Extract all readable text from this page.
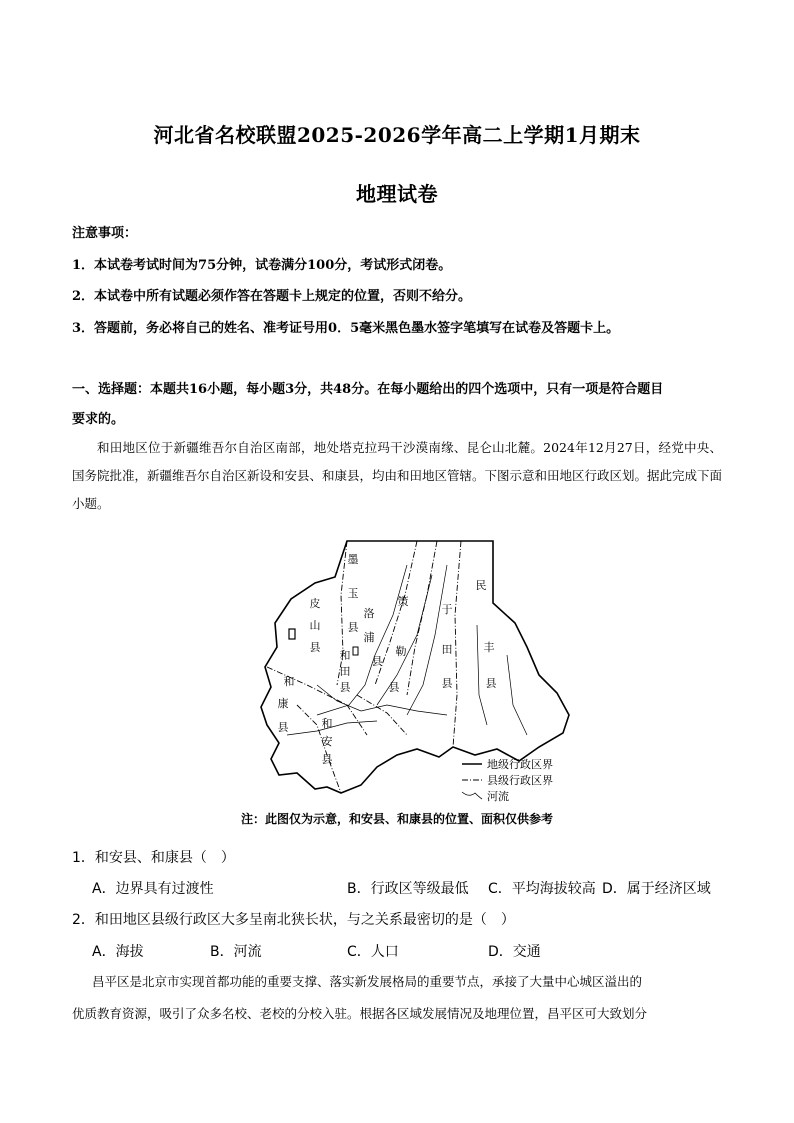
河北省名校联盟2025-2026学年高二上学期1月期末
地理试卷
注意事项：
1．本试卷考试时间为75分钟，试卷满分100分，考试形式闭卷。
2．本试卷中所有试题必须作答在答题卡上规定的位置，否则不给分。
3．答题前，务必将自己的姓名、准考证号用0．5毫米黑色墨水签字笔填写在试卷及答题卡上。
一、选择题：本题共16小题，每小题3分，共48分。在每小题给出的四个选项中，只有一项是符合题目
要求的。
和田地区位于新疆维吾尔自治区南部，地处塔克拉玛干沙漠南缘、昆仑山北麓。2024年12月27日，经党中央、国务院批准，新疆维吾尔自治区新设和安县、和康县，均由和田地区管辖。下图示意和田地区行政区划。据此完成下面小题。
墨
玉
县
皮
山
县
洛
浦
县
策
勒
县
于
田
县
民
丰
县
和
田
县
和
康
县	和
安
县	地级行政区界
县级行政区界
河流
注：此图仅为示意，和安县、和康县的位置、面积仅供参考
1．和安县、和康县（　）
A．边界具有过渡性	B．行政区等级最低 C．平均海拔较高 D．属于经济区域
2．和田地区县级行政区大多呈南北狭长状，与之关系最密切的是（　）
A．海拔	B．河流	C．人口	D．交通
昌平区是北京市实现首都功能的重要支撑、落实新发展格局的重要节点，承接了大量中心城区溢出的
优质教育资源，吸引了众多名校、老校的分校入驻。根据各区域发展情况及地理位置，昌平区可大致划分
